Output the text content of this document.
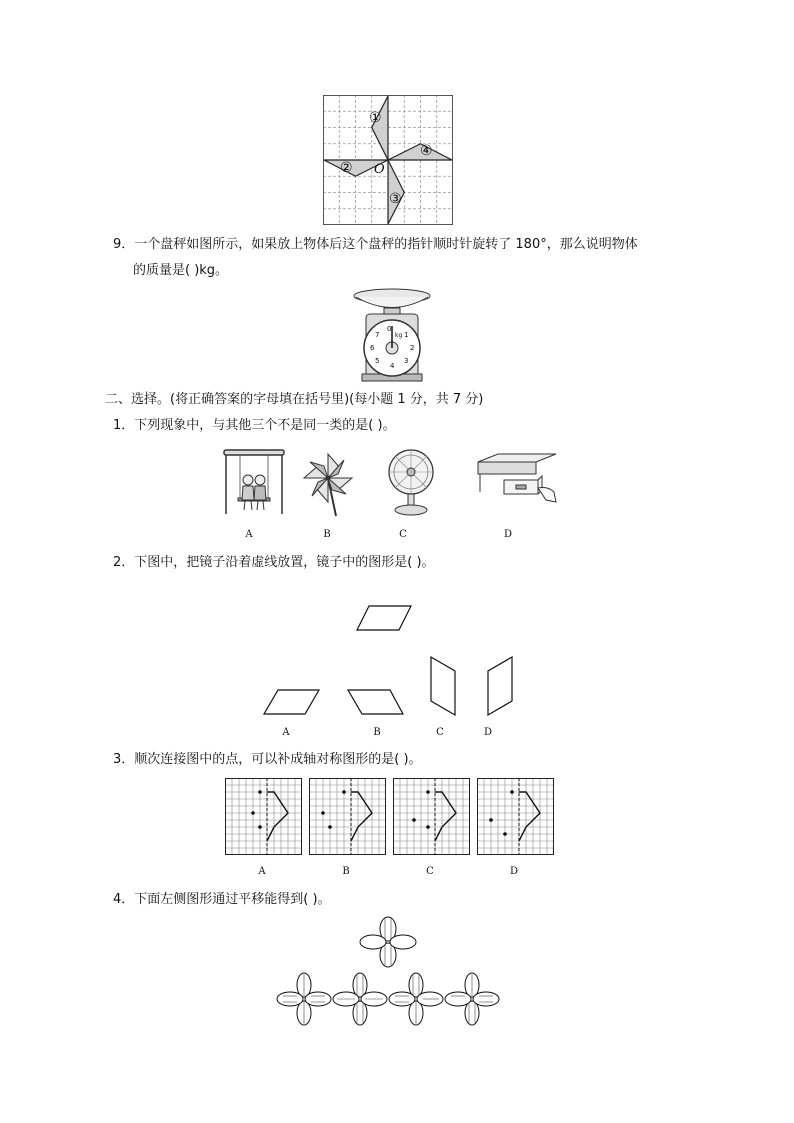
①
②
③
④
O
9．一个盘秤如图所示，如果放上物体后这个盘秤的指针顺时针旋转了 180°，那么说明物体
的质量是( )kg。
0
1
2
3
4
5
6
7	kg
二、选择。(将正确答案的字母填在括号里)(每小题 1 分，共 7 分)
1．下列现象中，与其他三个不是同一类的是( )。
A	B	C	D
2．下图中，把镜子沿着虚线放置，镜子中的图形是( )。
A	B	C	D
3．顺次连接图中的点，可以补成轴对称图形的是( )。
A	B	C	D
4．下面左侧图形通过平移能得到( )。
